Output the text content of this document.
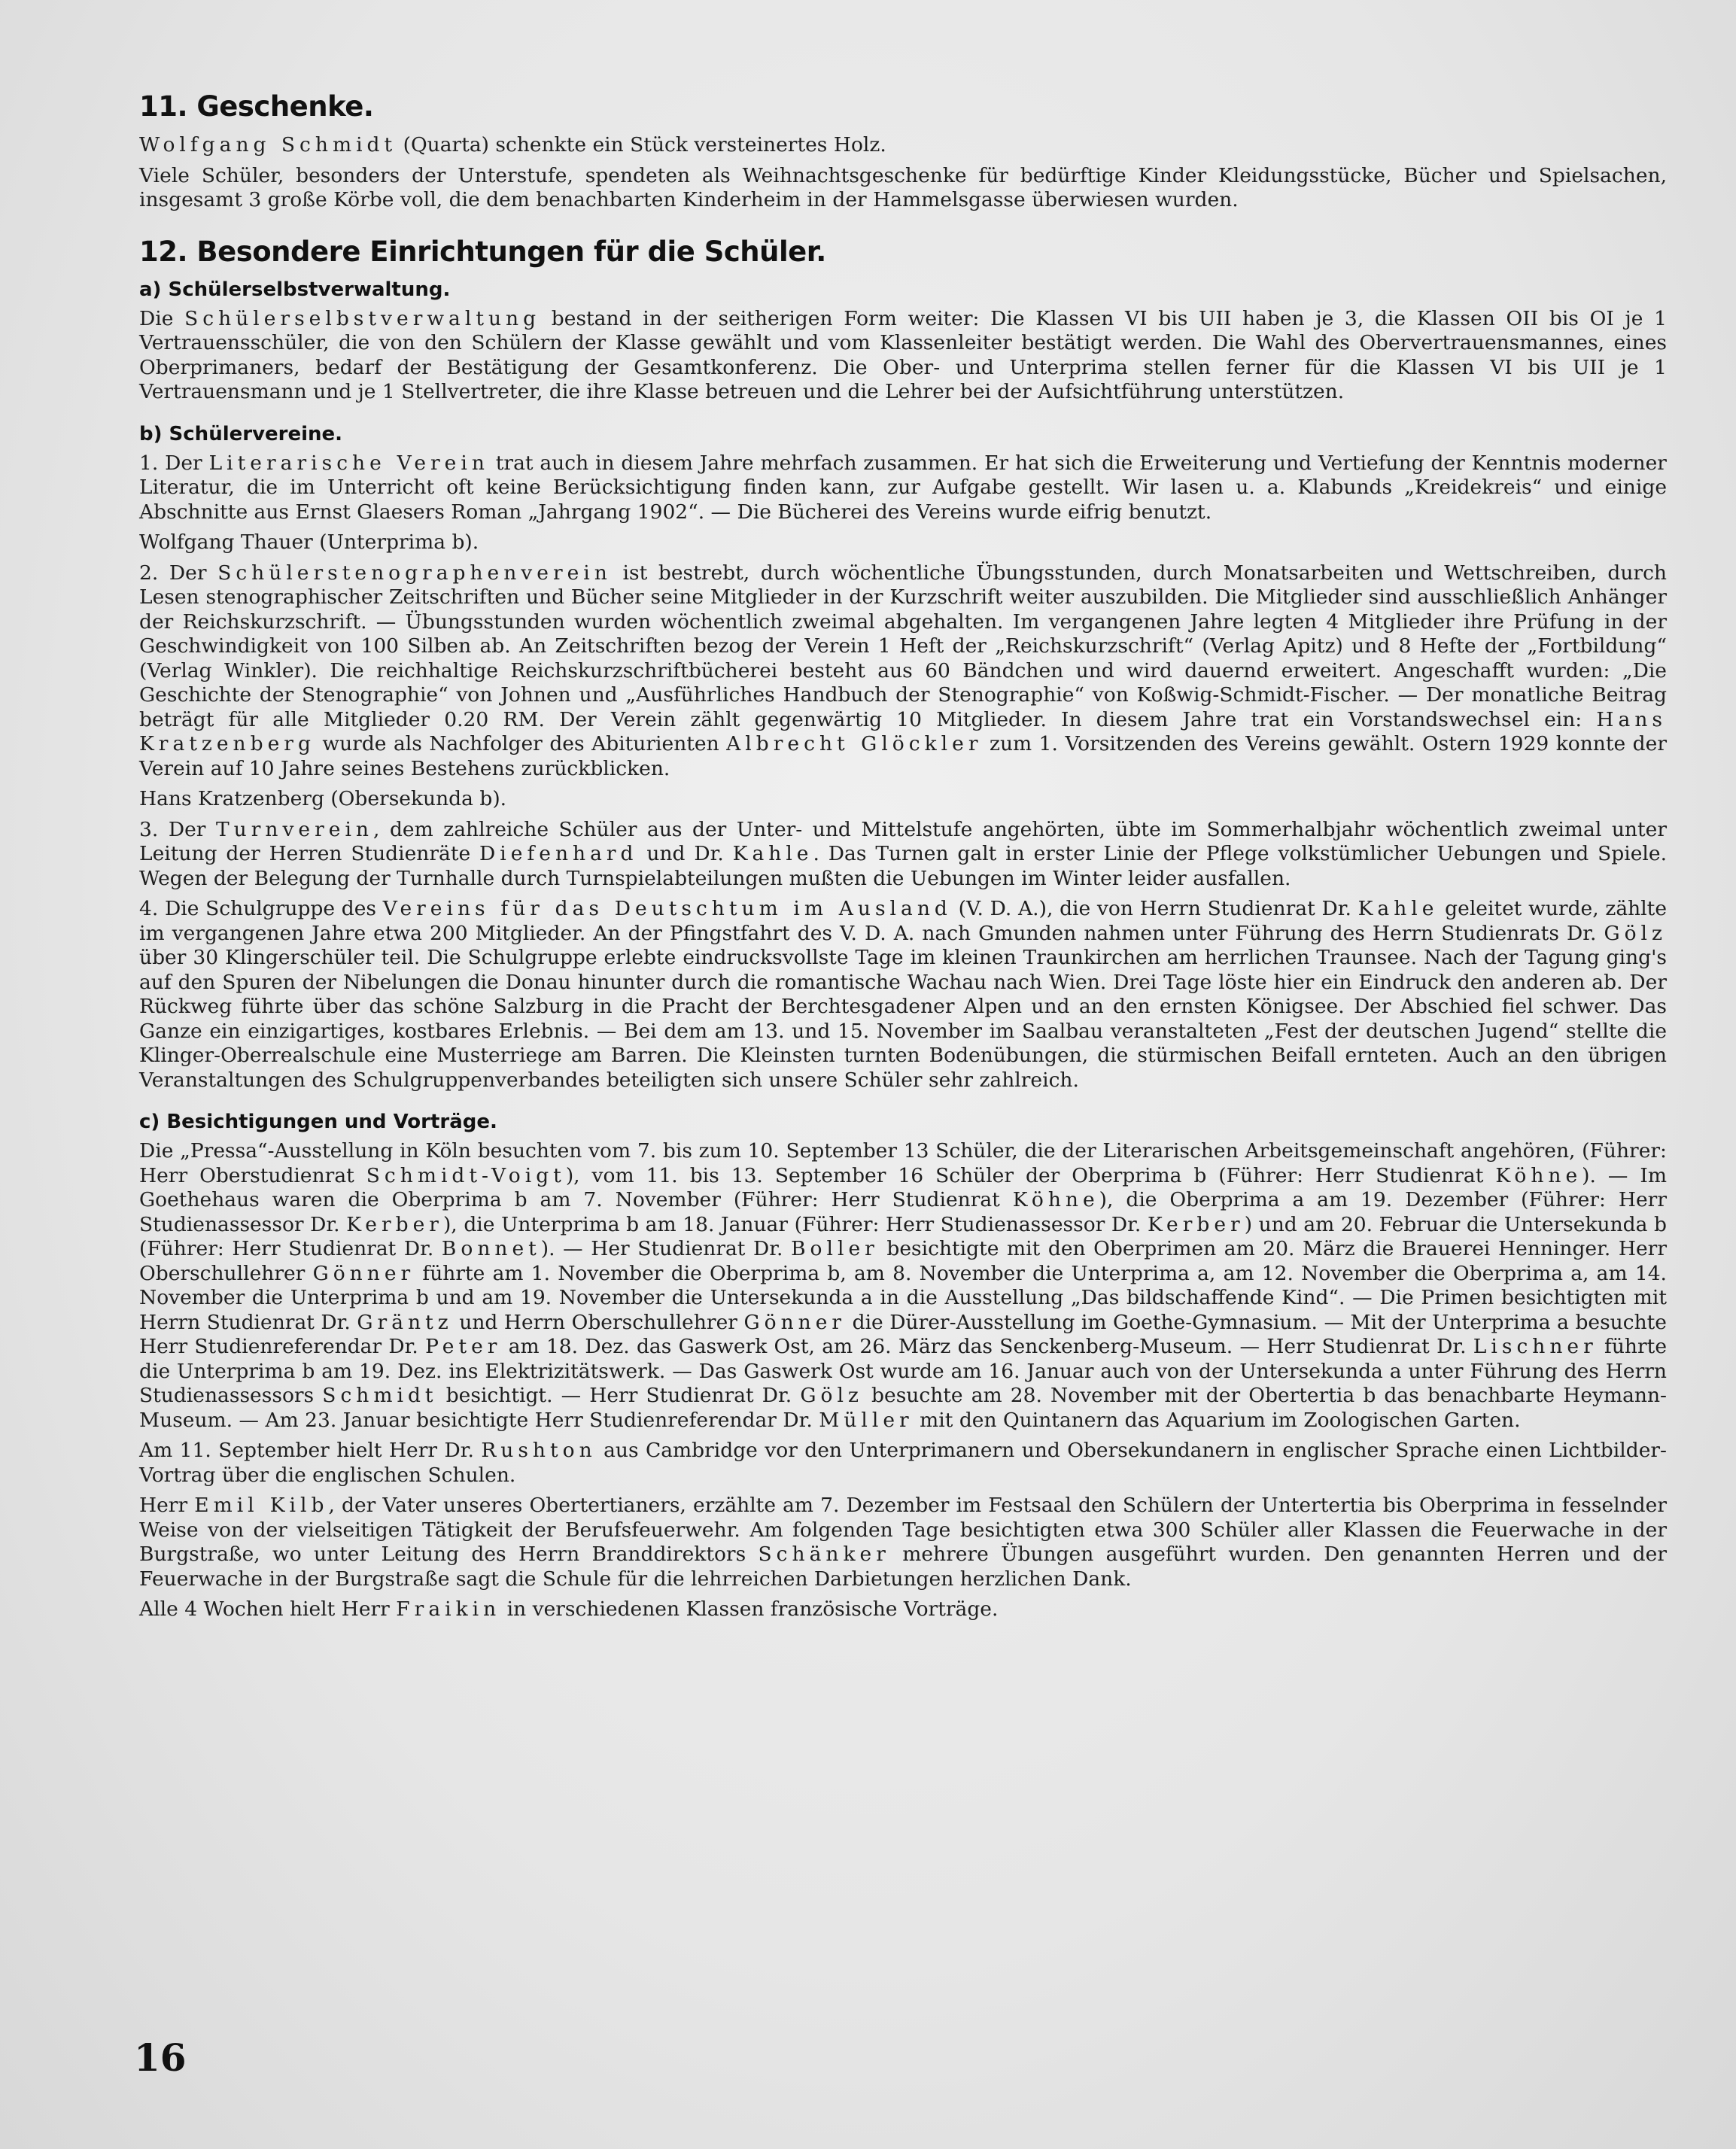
11. Geschenke.

Wolfgang Schmidt (Quarta) schenkte ein Stück versteinertes Holz.

Viele Schüler, besonders der Unterstufe, spendeten als Weihnachtsgeschenke für bedürftige Kinder Kleidungsstücke, Bücher und Spielsachen, insgesamt 3 große Körbe voll, die dem benachbarten Kinderheim in der Hammelsgasse überwiesen wurden.

12. Besondere Einrichtungen für die Schüler.
a) Schülerselbstverwaltung.

Die Schülerselbstverwaltung bestand in der seitherigen Form weiter: Die Klassen VI bis UII haben je 3, die Klassen OII bis OI je 1 Vertrauensschüler, die von den Schülern der Klasse gewählt und vom Klassenleiter bestätigt werden. Die Wahl des Obervertrauensmannes, eines Oberprimaners, bedarf der Bestätigung der Gesamtkonferenz. Die Ober- und Unterprima stellen ferner für die Klassen VI bis UII je 1 Vertrauensmann und je 1 Stellvertreter, die ihre Klasse betreuen und die Lehrer bei der Aufsichtführung unterstützen.

b) Schülervereine.

1. Der Literarische Verein trat auch in diesem Jahre mehrfach zusammen. Er hat sich die Erweiterung und Vertiefung der Kenntnis moderner Literatur, die im Unterricht oft keine Berücksichtigung finden kann, zur Aufgabe gestellt. Wir lasen u. a. Klabunds „Kreidekreis“ und einige Abschnitte aus Ernst Glaesers Roman „Jahrgang 1902“. — Die Bücherei des Vereins wurde eifrig benutzt.

Wolfgang Thauer (Unterprima b).

2. Der Schülerstenographenverein ist bestrebt, durch wöchentliche Übungsstunden, durch Monatsarbeiten und Wettschreiben, durch Lesen stenographischer Zeitschriften und Bücher seine Mitglieder in der Kurzschrift weiter auszubilden. Die Mitglieder sind ausschließlich Anhänger der Reichskurzschrift. — Übungsstunden wurden wöchentlich zweimal abgehalten. Im vergangenen Jahre legten 4 Mitglieder ihre Prüfung in der Geschwindigkeit von 100 Silben ab. An Zeitschriften bezog der Verein 1 Heft der „Reichskurzschrift“ (Verlag Apitz) und 8 Hefte der „Fortbildung“ (Verlag Winkler). Die reichhaltige Reichskurzschriftbücherei besteht aus 60 Bändchen und wird dauernd erweitert. Angeschafft wurden: „Die Geschichte der Stenographie“ von Johnen und „Ausführliches Handbuch der Stenographie“ von Koßwig-Schmidt-Fischer. — Der monatliche Beitrag beträgt für alle Mitglieder 0.20 RM. Der Verein zählt gegenwärtig 10 Mitglieder. In diesem Jahre trat ein Vorstandswechsel ein: Hans Kratzenberg wurde als Nachfolger des Abiturienten Albrecht Glöckler zum 1. Vorsitzenden des Vereins gewählt. Ostern 1929 konnte der Verein auf 10 Jahre seines Bestehens zurückblicken.

Hans Kratzenberg (Obersekunda b).

3. Der Turnverein, dem zahlreiche Schüler aus der Unter- und Mittelstufe angehörten, übte im Sommerhalbjahr wöchentlich zweimal unter Leitung der Herren Studienräte Diefenhard und Dr. Kahle. Das Turnen galt in erster Linie der Pflege volkstümlicher Uebungen und Spiele. Wegen der Belegung der Turnhalle durch Turnspielabteilungen mußten die Uebungen im Winter leider ausfallen.

4. Die Schulgruppe des Vereins für das Deutschtum im Ausland (V. D. A.), die von Herrn Studienrat Dr. Kahle geleitet wurde, zählte im vergangenen Jahre etwa 200 Mitglieder. An der Pfingstfahrt des V. D. A. nach Gmunden nahmen unter Führung des Herrn Studienrats Dr. Gölz über 30 Klingerschüler teil. Die Schulgruppe erlebte eindrucksvollste Tage im kleinen Traunkirchen am herrlichen Traunsee. Nach der Tagung ging's auf den Spuren der Nibelungen die Donau hinunter durch die romantische Wachau nach Wien. Drei Tage löste hier ein Eindruck den anderen ab. Der Rückweg führte über das schöne Salzburg in die Pracht der Berchtesgadener Alpen und an den ernsten Königsee. Der Abschied fiel schwer. Das Ganze ein einzigartiges, kostbares Erlebnis. — Bei dem am 13. und 15. November im Saalbau veranstalteten „Fest der deutschen Jugend“ stellte die Klinger-Oberrealschule eine Musterriege am Barren. Die Kleinsten turnten Bodenübungen, die stürmischen Beifall ernteten. Auch an den übrigen Veranstaltungen des Schulgruppenverbandes beteiligten sich unsere Schüler sehr zahlreich.

c) Besichtigungen und Vorträge.

Die „Pressa“-Ausstellung in Köln besuchten vom 7. bis zum 10. September 13 Schüler, die der Literarischen Arbeitsgemeinschaft angehören, (Führer: Herr Oberstudienrat Schmidt-Voigt), vom 11. bis 13. September 16 Schüler der Oberprima b (Führer: Herr Studienrat Köhne). — Im Goethehaus waren die Oberprima b am 7. November (Führer: Herr Studienrat Köhne), die Oberprima a am 19. Dezember (Führer: Herr Studienassessor Dr. Kerber), die Unterprima b am 18. Januar (Führer: Herr Studienassessor Dr. Kerber) und am 20. Februar die Untersekunda b (Führer: Herr Studienrat Dr. Bonnet). — Her Studienrat Dr. Boller besichtigte mit den Oberprimen am 20. März die Brauerei Henninger. Herr Oberschullehrer Gönner führte am 1. November die Oberprima b, am 8. November die Unterprima a, am 12. November die Oberprima a, am 14. November die Unterprima b und am 19. November die Untersekunda a in die Ausstellung „Das bildschaffende Kind“. — Die Primen besichtigten mit Herrn Studienrat Dr. Gräntz und Herrn Oberschullehrer Gönner die Dürer-Ausstellung im Goethe-Gymnasium. — Mit der Unterprima a besuchte Herr Studienreferendar Dr. Peter am 18. Dez. das Gaswerk Ost, am 26. März das Senckenberg-Museum. — Herr Studienrat Dr. Lischner führte die Unterprima b am 19. Dez. ins Elektrizitätswerk. — Das Gaswerk Ost wurde am 16. Januar auch von der Untersekunda a unter Führung des Herrn Studienassessors Schmidt besichtigt. — Herr Studienrat Dr. Gölz besuchte am 28. November mit der Obertertia b das benachbarte Heymann-Museum. — Am 23. Januar besichtigte Herr Studienreferendar Dr. Müller mit den Quintanern das Aquarium im Zoologischen Garten.

Am 11. September hielt Herr Dr. Rushton aus Cambridge vor den Unterprimanern und Obersekundanern in englischer Sprache einen Lichtbilder-Vortrag über die englischen Schulen.

Herr Emil Kilb, der Vater unseres Obertertianers, erzählte am 7. Dezember im Festsaal den Schülern der Untertertia bis Oberprima in fesselnder Weise von der vielseitigen Tätigkeit der Berufsfeuerwehr. Am folgenden Tage besichtigten etwa 300 Schüler aller Klassen die Feuerwache in der Burgstraße, wo unter Leitung des Herrn Branddirektors Schänker mehrere Übungen ausgeführt wurden. Den genannten Herren und der Feuerwache in der Burgstraße sagt die Schule für die lehrreichen Darbietungen herzlichen Dank.

Alle 4 Wochen hielt Herr Fraikin in verschiedenen Klassen französische Vorträge.

16
